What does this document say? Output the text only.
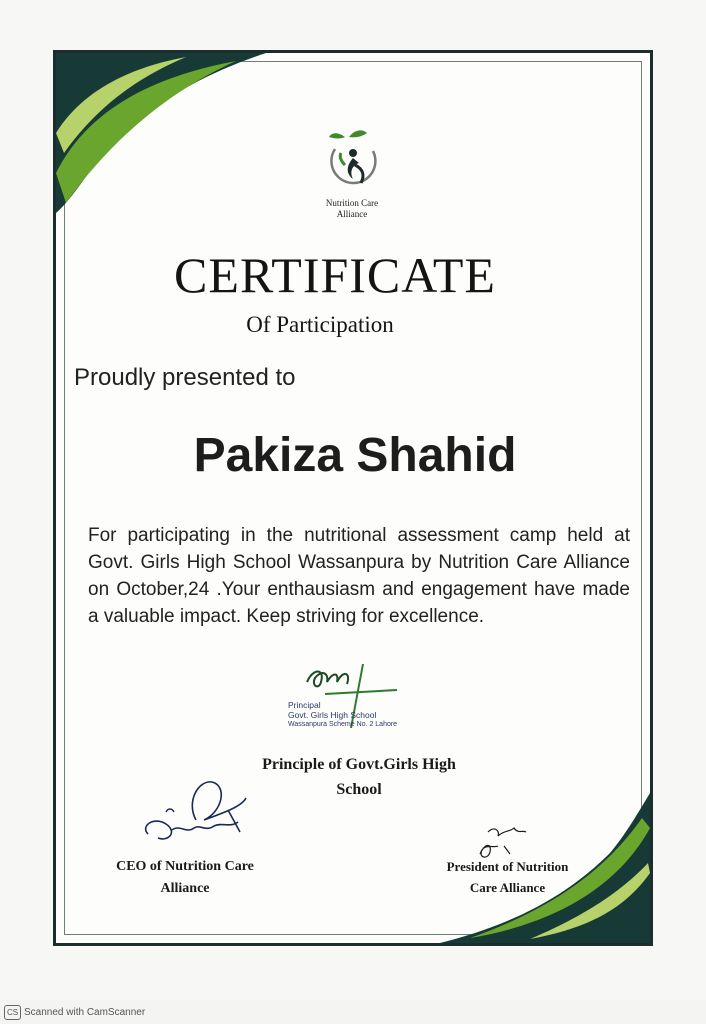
Nutrition Care
Alliance
CERTIFICATE
Of Participation
Proudly presented to
Pakiza Shahid
For participating in the nutritional assessment camp held at Govt. Girls High School Wassanpura by Nutrition Care Alliance on October,24 .Your enthausiasm and engagement have made a valuable impact. Keep striving for excellence.
Principal
Govt. Girls High School
Wassanpura Scheme No. 2 Lahore
Principle of Govt.Girls High
School
CEO of Nutrition Care
Alliance
President of Nutrition
Care Alliance
CS Scanned with CamScanner
